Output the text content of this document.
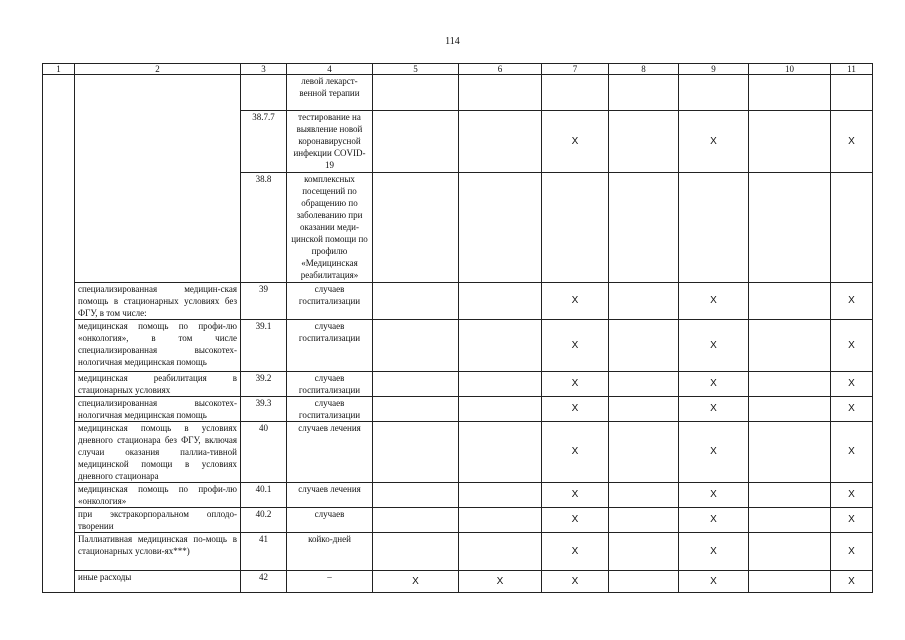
114
1	2	3	4	5	6	7	8	9	10	11
			левой лекарст-венной терапии							
		38.7.7	тестирование на выявление новой коронавирусной инфекции COVID-19			X		X		X
		38.8	комплексных посещений по обращению по заболеванию при оказании меди-цинской помощи по профилю «Медицинская реабилитация»							
	специализированная медицин-ская помощь в стационарных условиях без ФГУ, в том числе:	39	случаев госпитализации			X		X		X
	медицинская помощь по профи-лю «онкология», в том числе специализированная высокотех-нологичная медицинская помощь	39.1	случаев госпитализации			X		X		X
	медицинская реабилитация в стационарных условиях	39.2	случаев госпитализации			X		X		X
	специализированная высокотех-нологичная медицинская помощь	39.3	случаев госпитализации			X		X		X
	медицинская помощь в условиях дневного стационара без ФГУ, включая случаи оказания паллиа-тивной медицинской помощи в условиях дневного стационара	40	случаев лечения			X		X		X
	медицинская помощь по профи-лю «онкология»	40.1	случаев лечения			X		X		X
	при экстракорпоральном оплодо-творении	40.2	случаев			X		X		X
	Паллиативная медицинская по-мощь в стационарных услови-ях***)	41	койко-дней			X		X		X
	иные расходы	42	–	X	X	X		X		X
